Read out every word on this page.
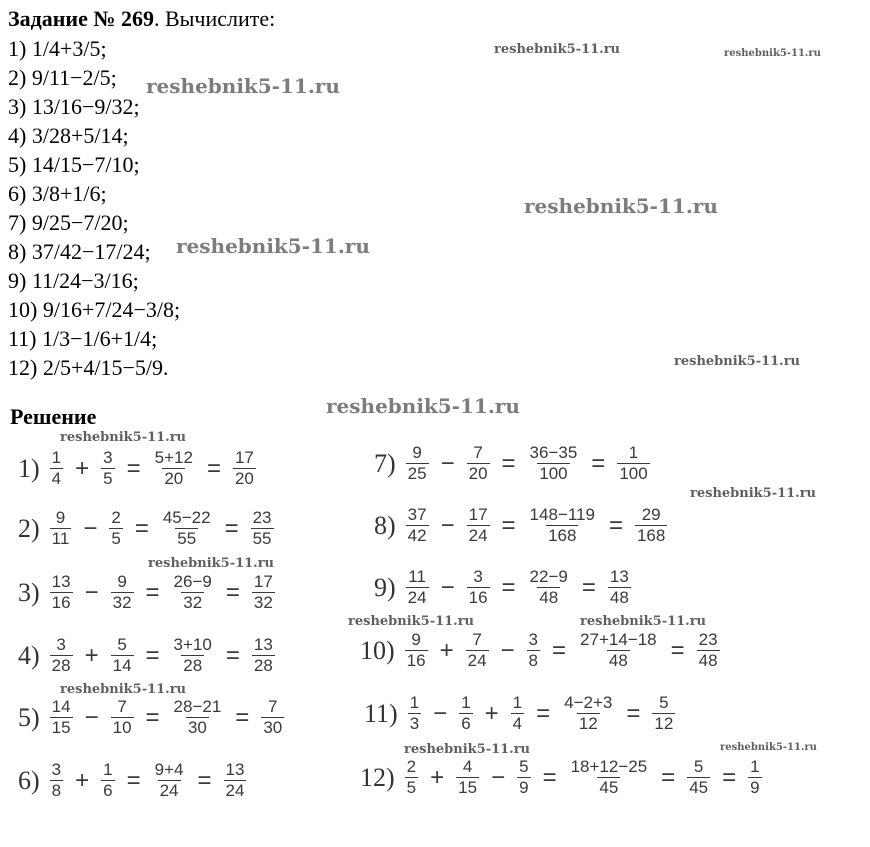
Задание № 269. Вычислите:
1) 1/4+3/5;
2) 9/11−2/5;
3) 13/16−9/32;
4) 3/28+5/14;
5) 14/15−7/10;
6) 3/8+1/6;
7) 9/25−7/20;
8) 37/42−17/24;
9) 11/24−3/16;
10) 9/16+7/24−3/8;
11) 1/3−1/6+1/4;
12) 2/5+4/15−5/9.
Решение
$1) \frac{1}{4} + \frac{3}{5} = \frac{5+12}{20} = \frac{17}{20}$
$2) \frac{9}{11} - \frac{2}{5} = \frac{45-22}{55} = \frac{23}{55}$
$3) \frac{13}{16} - \frac{9}{32} = \frac{26-9}{32} = \frac{17}{32}$
$4) \frac{3}{28} + \frac{5}{14} = \frac{3+10}{28} = \frac{13}{28}$
$5) \frac{14}{15} - \frac{7}{10} = \frac{28-21}{30} = \frac{7}{30}$
$6) \frac{3}{8} + \frac{1}{6} = \frac{9+4}{24} = \frac{13}{24}$
$7) \frac{9}{25} - \frac{7}{20} = \frac{36-35}{100} = \frac{1}{100}$
$8) \frac{37}{42} - \frac{17}{24} = \frac{148-119}{168} = \frac{29}{168}$
$9) \frac{11}{24} - \frac{3}{16} = \frac{22-9}{48} = \frac{13}{48}$
$10) \frac{9}{16} + \frac{7}{24} - \frac{3}{8} = \frac{27+14-18}{48} = \frac{23}{48}$
$11) \frac{1}{3} - \frac{1}{6} + \frac{1}{4} = \frac{4-2+3}{12} = \frac{5}{12}$
$12) \frac{2}{5} + \frac{4}{15} - \frac{5}{9} = \frac{18+12-25}{45} = \frac{5}{45} = \frac{1}{9}$
reshebnik5-11.ru	reshebnik5-11.ru
reshebnik5-11.ru
reshebnik5-11.ru
reshebnik5-11.ru
reshebnik5-11.ru
reshebnik5-11.ru
reshebnik5-11.ru
reshebnik5-11.ru
reshebnik5-11.ru
reshebnik5-11.ru	reshebnik5-11.ru
reshebnik5-11.ru
reshebnik5-11.ru	reshebnik5-11.ru
